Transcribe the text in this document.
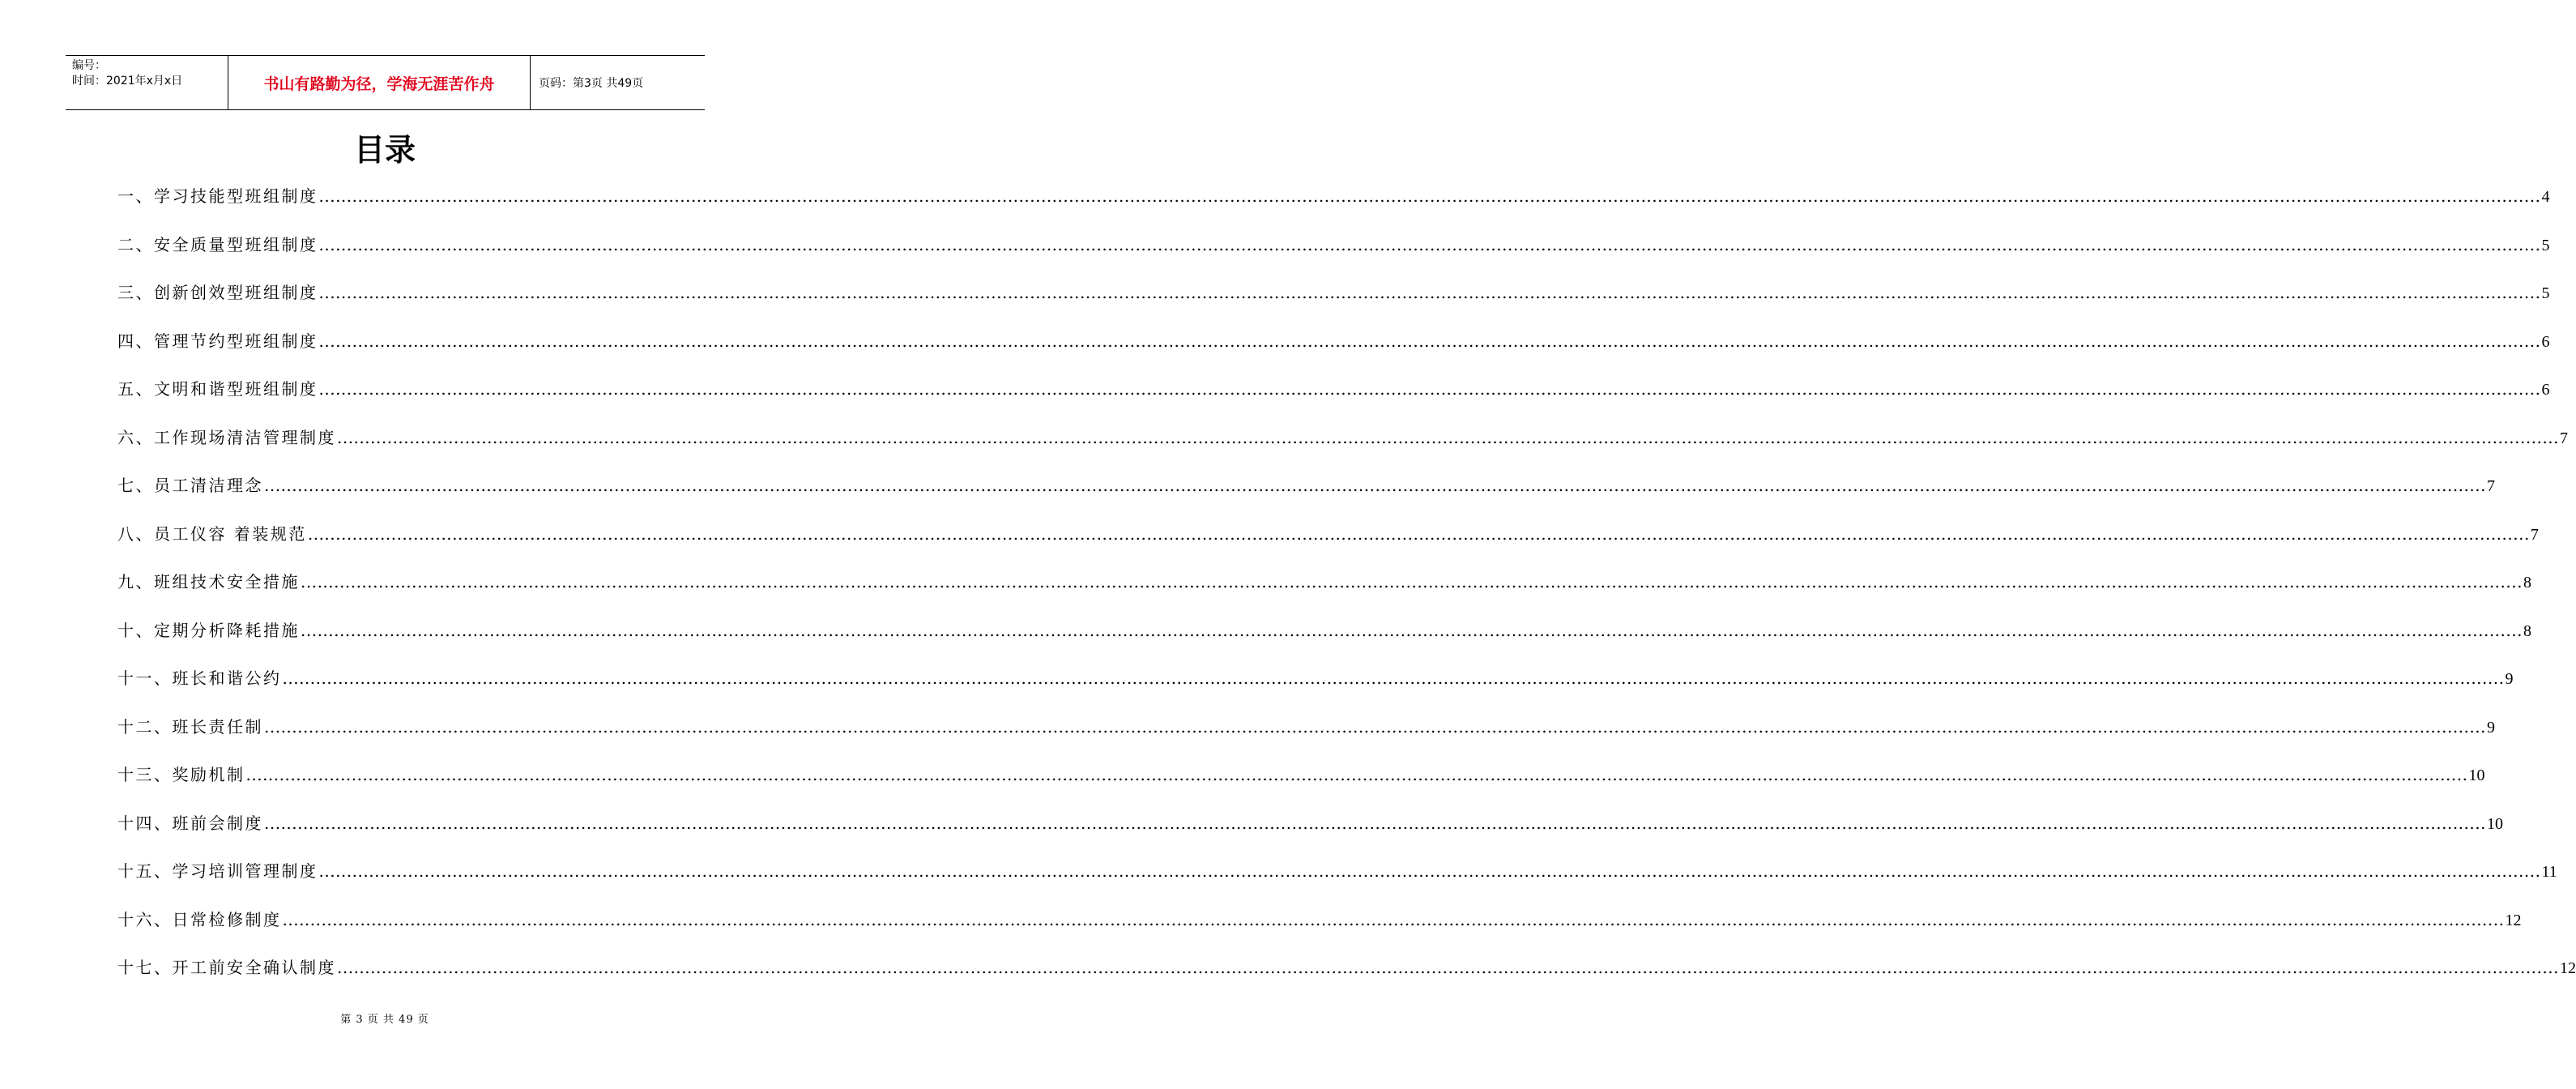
编号：
时间：2021年x月x日	书山有路勤为径，学海无涯苦作舟	页码：第3页 共49页
目录
一、学习技能型班组制度 ................................................................................................................................................................................................................................................................................................................................................................................................................ 4
二、安全质量型班组制度 ................................................................................................................................................................................................................................................................................................................................................................................................................ 5
三、创新创效型班组制度 ................................................................................................................................................................................................................................................................................................................................................................................................................ 5
四、管理节约型班组制度 ................................................................................................................................................................................................................................................................................................................................................................................................................ 6
五、文明和谐型班组制度 ................................................................................................................................................................................................................................................................................................................................................................................................................ 6
六、工作现场清洁管理制度 ................................................................................................................................................................................................................................................................................................................................................................................................................ 7
七、员工清洁理念 ................................................................................................................................................................................................................................................................................................................................................................................................................ 7
八、员工仪容 着装规范 ................................................................................................................................................................................................................................................................................................................................................................................................................ 7
九、班组技术安全措施 ................................................................................................................................................................................................................................................................................................................................................................................................................ 8
十、定期分析降耗措施 ................................................................................................................................................................................................................................................................................................................................................................................................................ 8
十一、班长和谐公约 ................................................................................................................................................................................................................................................................................................................................................................................................................ 9
十二、班长责任制 ................................................................................................................................................................................................................................................................................................................................................................................................................ 9
十三、奖励机制 ................................................................................................................................................................................................................................................................................................................................................................................................................ 10
十四、班前会制度 ................................................................................................................................................................................................................................................................................................................................................................................................................ 10
十五、学习培训管理制度 ................................................................................................................................................................................................................................................................................................................................................................................................................ 11
十六、日常检修制度 ................................................................................................................................................................................................................................................................................................................................................................................................................ 12
十七、开工前安全确认制度 ................................................................................................................................................................................................................................................................................................................................................................................................................ 12
第 3 页 共 49 页
